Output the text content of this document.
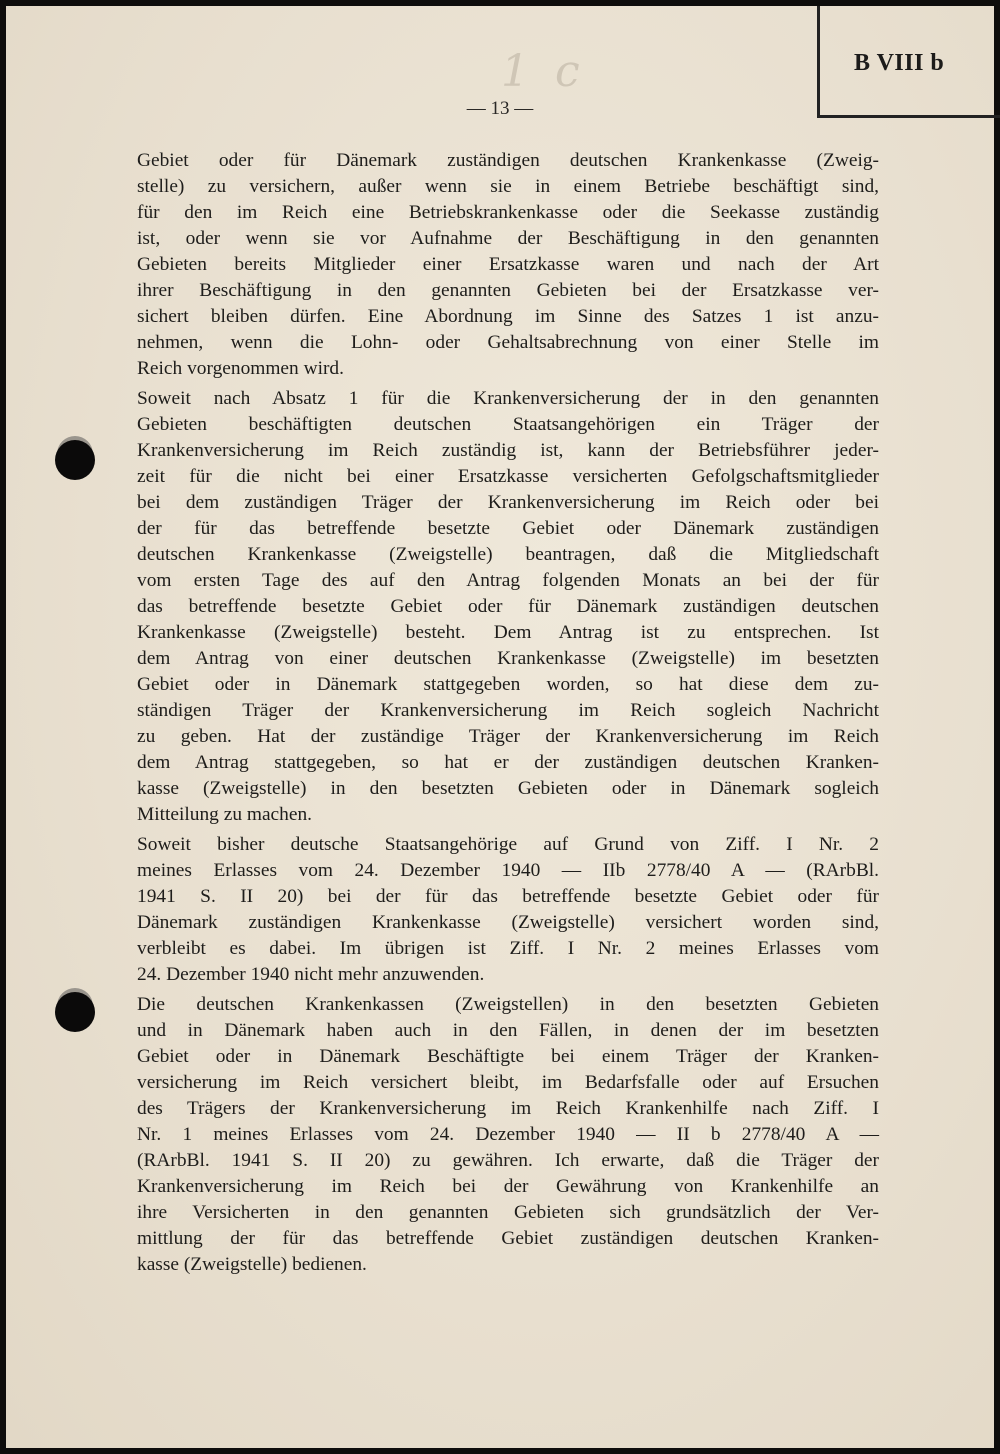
B VIII b
1 c
— 13 —
Gebiet oder für Dänemark zuständigen deutschen Krankenkasse (Zweig-
stelle) zu versichern, außer wenn sie in einem Betriebe beschäftigt sind,
für den im Reich eine Betriebskrankenkasse oder die Seekasse zuständig
ist, oder wenn sie vor Aufnahme der Beschäftigung in den genannten
Gebieten bereits Mitglieder einer Ersatzkasse waren und nach der Art
ihrer Beschäftigung in den genannten Gebieten bei der Ersatzkasse ver-
sichert bleiben dürfen. Eine Abordnung im Sinne des Satzes 1 ist anzu-
nehmen, wenn die Lohn- oder Gehaltsabrechnung von einer Stelle im
Reich vorgenommen wird.
Soweit nach Absatz 1 für die Krankenversicherung der in den genannten
Gebieten beschäftigten deutschen Staatsangehörigen ein Träger der
Krankenversicherung im Reich zuständig ist, kann der Betriebsführer jeder-
zeit für die nicht bei einer Ersatzkasse versicherten Gefolgschaftsmitglieder
bei dem zuständigen Träger der Krankenversicherung im Reich oder bei
der für das betreffende besetzte Gebiet oder Dänemark zuständigen
deutschen Krankenkasse (Zweigstelle) beantragen, daß die Mitgliedschaft
vom ersten Tage des auf den Antrag folgenden Monats an bei der für
das betreffende besetzte Gebiet oder für Dänemark zuständigen deutschen
Krankenkasse (Zweigstelle) besteht. Dem Antrag ist zu entsprechen. Ist
dem Antrag von einer deutschen Krankenkasse (Zweigstelle) im besetzten
Gebiet oder in Dänemark stattgegeben worden, so hat diese dem zu-
ständigen Träger der Krankenversicherung im Reich sogleich Nachricht
zu geben. Hat der zuständige Träger der Krankenversicherung im Reich
dem Antrag stattgegeben, so hat er der zuständigen deutschen Kranken-
kasse (Zweigstelle) in den besetzten Gebieten oder in Dänemark sogleich
Mitteilung zu machen.
Soweit bisher deutsche Staatsangehörige auf Grund von Ziff. I Nr. 2
meines Erlasses vom 24. Dezember 1940 — IIb 2778/40 A — (RArbBl.
1941 S. II 20) bei der für das betreffende besetzte Gebiet oder für
Dänemark zuständigen Krankenkasse (Zweigstelle) versichert worden sind,
verbleibt es dabei. Im übrigen ist Ziff. I Nr. 2 meines Erlasses vom
24. Dezember 1940 nicht mehr anzuwenden.
Die deutschen Krankenkassen (Zweigstellen) in den besetzten Gebieten
und in Dänemark haben auch in den Fällen, in denen der im besetzten
Gebiet oder in Dänemark Beschäftigte bei einem Träger der Kranken-
versicherung im Reich versichert bleibt, im Bedarfsfalle oder auf Ersuchen
des Trägers der Krankenversicherung im Reich Krankenhilfe nach Ziff. I
Nr. 1 meines Erlasses vom 24. Dezember 1940 — II b 2778/40 A —
(RArbBl. 1941 S. II 20) zu gewähren. Ich erwarte, daß die Träger der
Krankenversicherung im Reich bei der Gewährung von Krankenhilfe an
ihre Versicherten in den genannten Gebieten sich grundsätzlich der Ver-
mittlung der für das betreffende Gebiet zuständigen deutschen Kranken-
kasse (Zweigstelle) bedienen.
